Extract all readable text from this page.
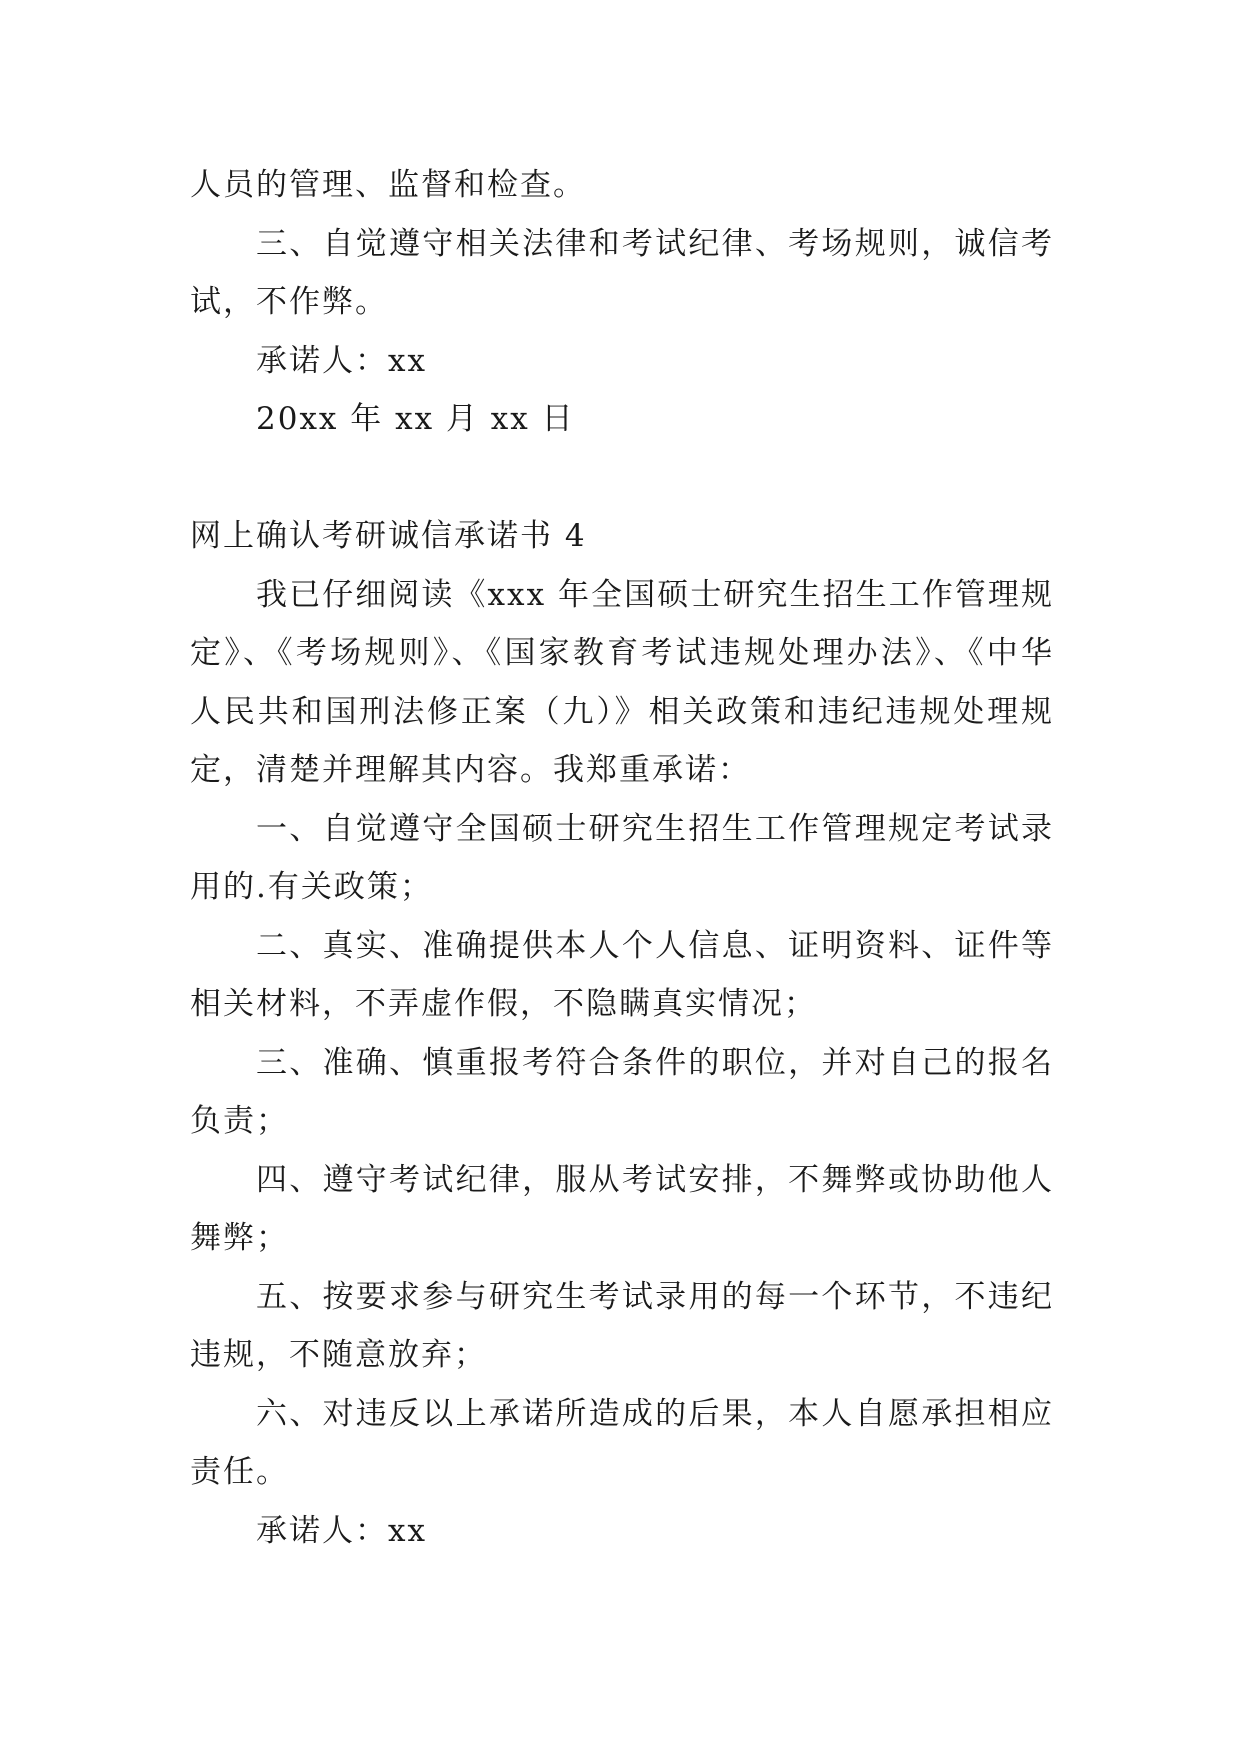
人员的管理、监督和检查。
三、自觉遵守相关法律和考试纪律、考场规则，诚信考
试，不作弊。
承诺人：xx
20xx 年 xx 月 xx 日
网上确认考研诚信承诺书 4
我已仔细阅读《xxx 年全国硕士研究生招生工作管理规
定》、《考场规则》、《国家教育考试违规处理办法》、《中华
人民共和国刑法修正案（九）》相关政策和违纪违规处理规
定，清楚并理解其内容。我郑重承诺：
一、自觉遵守全国硕士研究生招生工作管理规定考试录
用的.有关政策；
二、真实、准确提供本人个人信息、证明资料、证件等
相关材料，不弄虚作假，不隐瞒真实情况；
三、准确、慎重报考符合条件的职位，并对自己的报名
负责；
四、遵守考试纪律，服从考试安排，不舞弊或协助他人
舞弊；
五、按要求参与研究生考试录用的每一个环节，不违纪
违规，不随意放弃；
六、对违反以上承诺所造成的后果，本人自愿承担相应
责任。
承诺人：xx
